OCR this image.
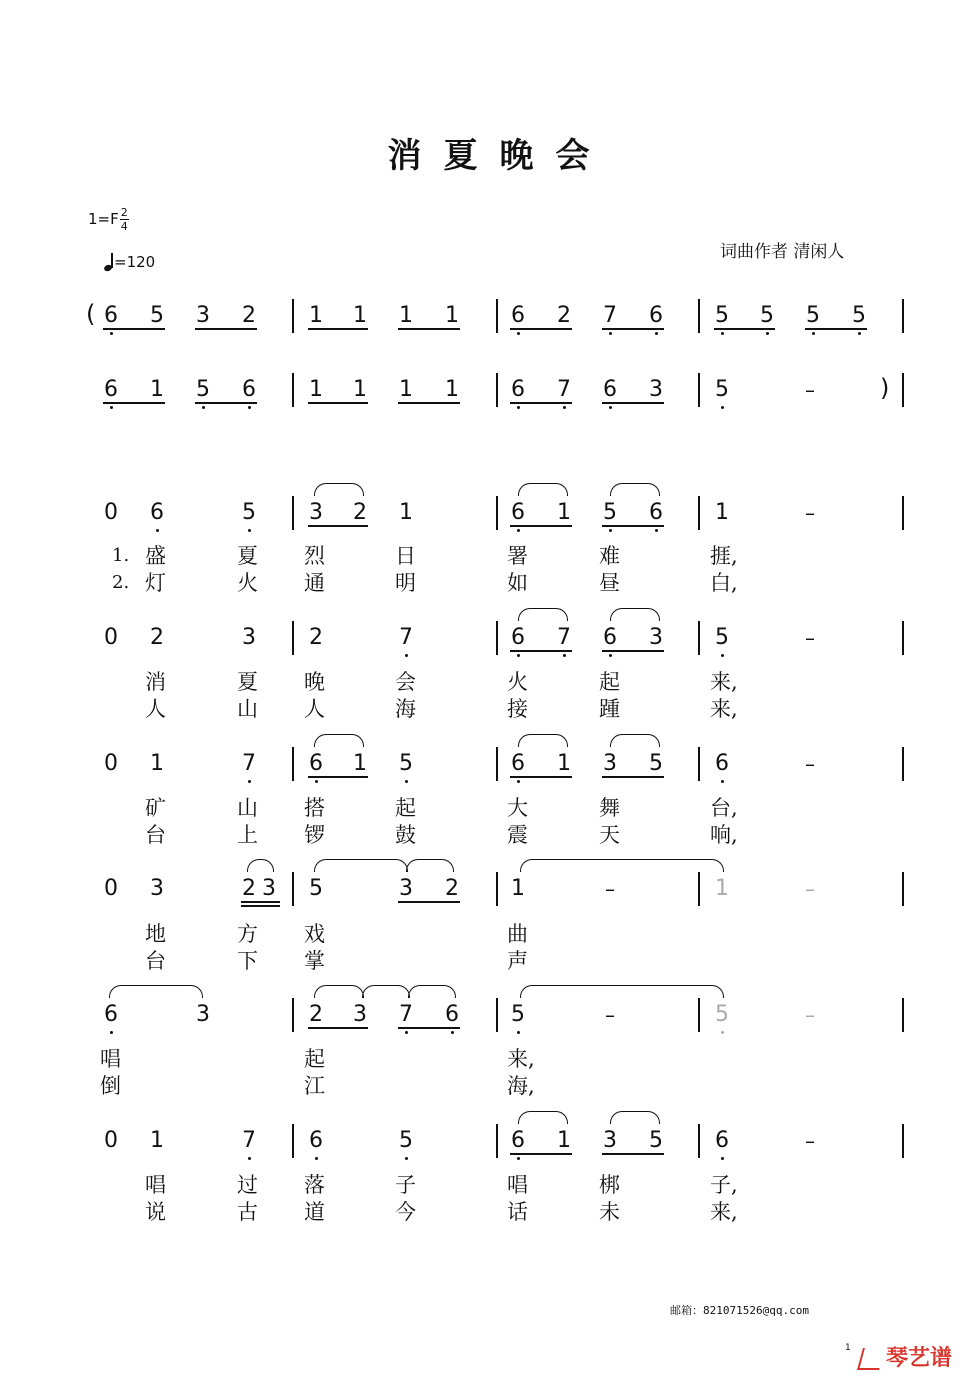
消夏晚会
$1=F \frac{2}{4}$
=120	词曲作者 清闲人
( 6 5 3 2 1 1 1 1 6 2 7 6 5 5 5 5
)
6 1 5 6 1 1 1 1 6 7 6 3 5	–
0 6	5 3 2 1	6 1 5 6 1	–
0 2	3 2	7	6 7 6 3 5	–
0 1	7 6 1 5	6 1 3 5 6	–
0 3	2 3 5	3 2 1	–	1	–
6	3	2 3 7 6 5	–	5	–
0 1	7 6	5	6 1 3 5 6	–
1. 盛	夏 烈	日	署	难	捱,
2. 灯	火 通	明	如	昼	白,
消	夏 晚	会	火	起	来,
人	山 人	海	接	踵	来,
矿	山 搭	起	大	舞	台,
台	上 锣	鼓	震	天	响,
地	方 戏	曲
台	下 掌	声
唱	起	来,
倒	江	海,
唱	过 落	子	唱	梆	子,
说	古 道	今	话	未	来,
邮箱：821071526@qq.com
1	琴艺谱
